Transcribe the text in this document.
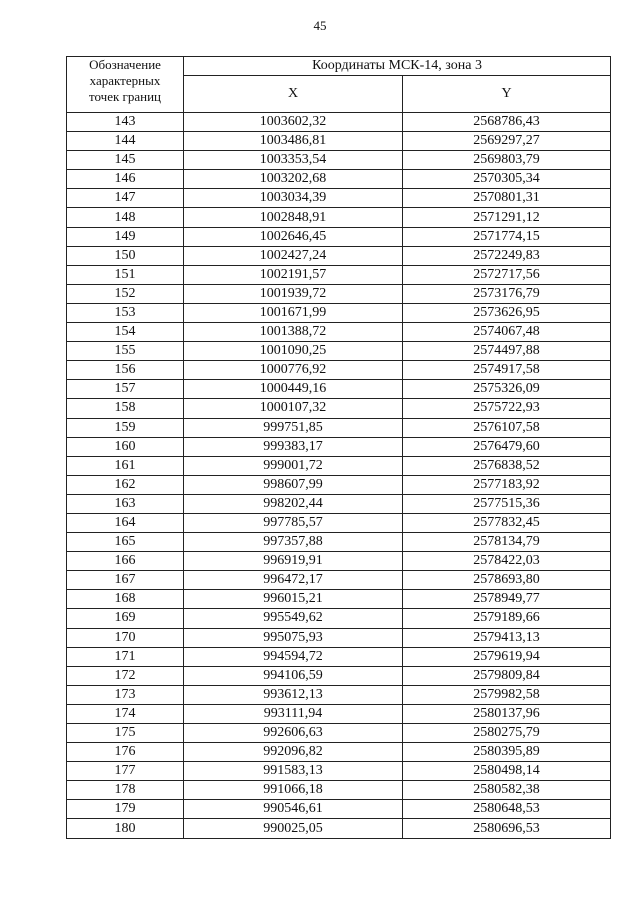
45
Обозначение
характерных
точек границ	Координаты МСК-14, зона 3	
	X	Y
143	1003602,32	2568786,43
144	1003486,81	2569297,27
145	1003353,54	2569803,79
146	1003202,68	2570305,34
147	1003034,39	2570801,31
148	1002848,91	2571291,12
149	1002646,45	2571774,15
150	1002427,24	2572249,83
151	1002191,57	2572717,56
152	1001939,72	2573176,79
153	1001671,99	2573626,95
154	1001388,72	2574067,48
155	1001090,25	2574497,88
156	1000776,92	2574917,58
157	1000449,16	2575326,09
158	1000107,32	2575722,93
159	999751,85	2576107,58
160	999383,17	2576479,60
161	999001,72	2576838,52
162	998607,99	2577183,92
163	998202,44	2577515,36
164	997785,57	2577832,45
165	997357,88	2578134,79
166	996919,91	2578422,03
167	996472,17	2578693,80
168	996015,21	2578949,77
169	995549,62	2579189,66
170	995075,93	2579413,13
171	994594,72	2579619,94
172	994106,59	2579809,84
173	993612,13	2579982,58
174	993111,94	2580137,96
175	992606,63	2580275,79
176	992096,82	2580395,89
177	991583,13	2580498,14
178	991066,18	2580582,38
179	990546,61	2580648,53
180	990025,05	2580696,53
